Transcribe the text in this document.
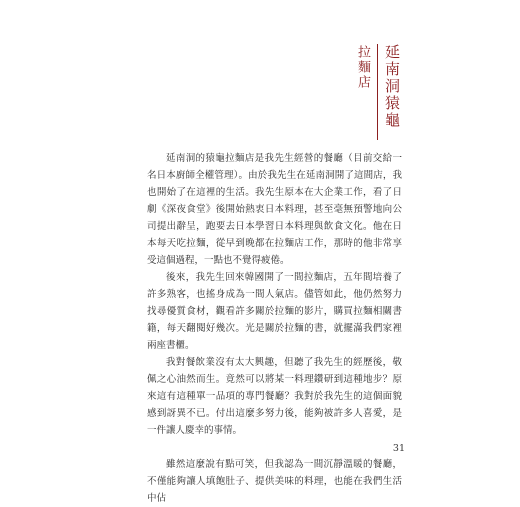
延南洞猿龜
拉麵店

延南洞的猿龜拉麵店是我先生經營的餐廳（目前交給一名日本廚師全權管理）。由於我先生在延南洞開了這間店，我也開始了在這裡的生活。我先生原本在大企業工作，看了日劇《深夜食堂》後開始熱衷日本料理，甚至毫無預警地向公司提出辭呈，跑要去日本學習日本料理與飲食文化。他在日本每天吃拉麵，從早到晚都在拉麵店工作，那時的他非常享受這個過程，一點也不覺得疲倦。

後來，我先生回來韓國開了一間拉麵店，五年間培養了許多熟客，也搖身成為一間人氣店。儘管如此，他仍然努力找尋優質食材，觀看許多關於拉麵的影片，購買拉麵相關書籍，每天翻閱好幾次。光是關於拉麵的書，就擺滿我們家裡兩座書櫃。

我對餐飲業沒有太大興趣，但聽了我先生的經歷後，敬佩之心油然而生。竟然可以將某一料理鑽研到這種地步？原來這有這種單一品項的專門餐廳？我對於我先生的這個面貌感到訝異不已。付出這麼多努力後，能夠被許多人喜愛，是一件讓人慶幸的事情。

雖然這麼說有點可笑，但我認為一間沉靜溫暖的餐廳，不僅能夠讓人填飽肚子、提供美味的料理，也能在我們生活中佔

31
